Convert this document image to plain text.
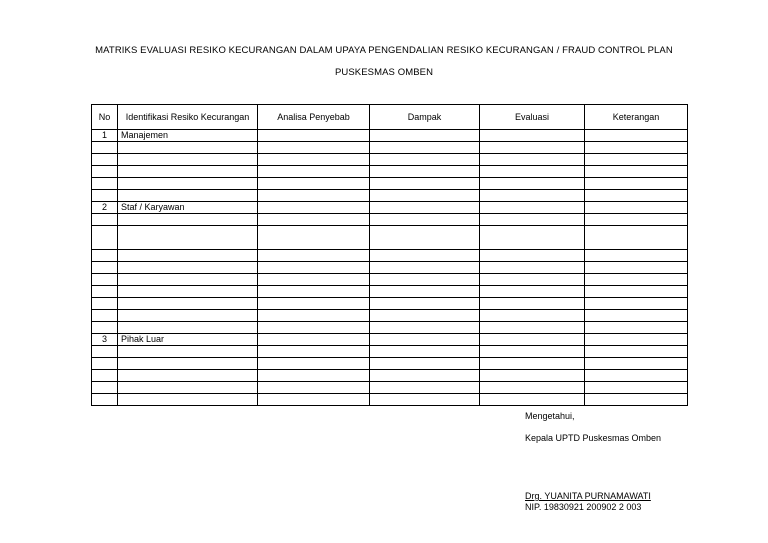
MATRIKS EVALUASI RESIKO KECURANGAN DALAM UPAYA PENGENDALIAN RESIKO KECURANGAN / FRAUD CONTROL PLAN
PUSKESMAS OMBEN
No	Identifikasi Resiko Kecurangan	Analisa Penyebab	Dampak	Evaluasi	Keterangan
1	Manajemen				

2	Staf / Karyawan				

3	Pihak Luar				

Mengetahui,
Kepala UPTD Puskesmas Omben
Drg. YUANITA PURNAMAWATI
NIP. 19830921 200902 2 003
